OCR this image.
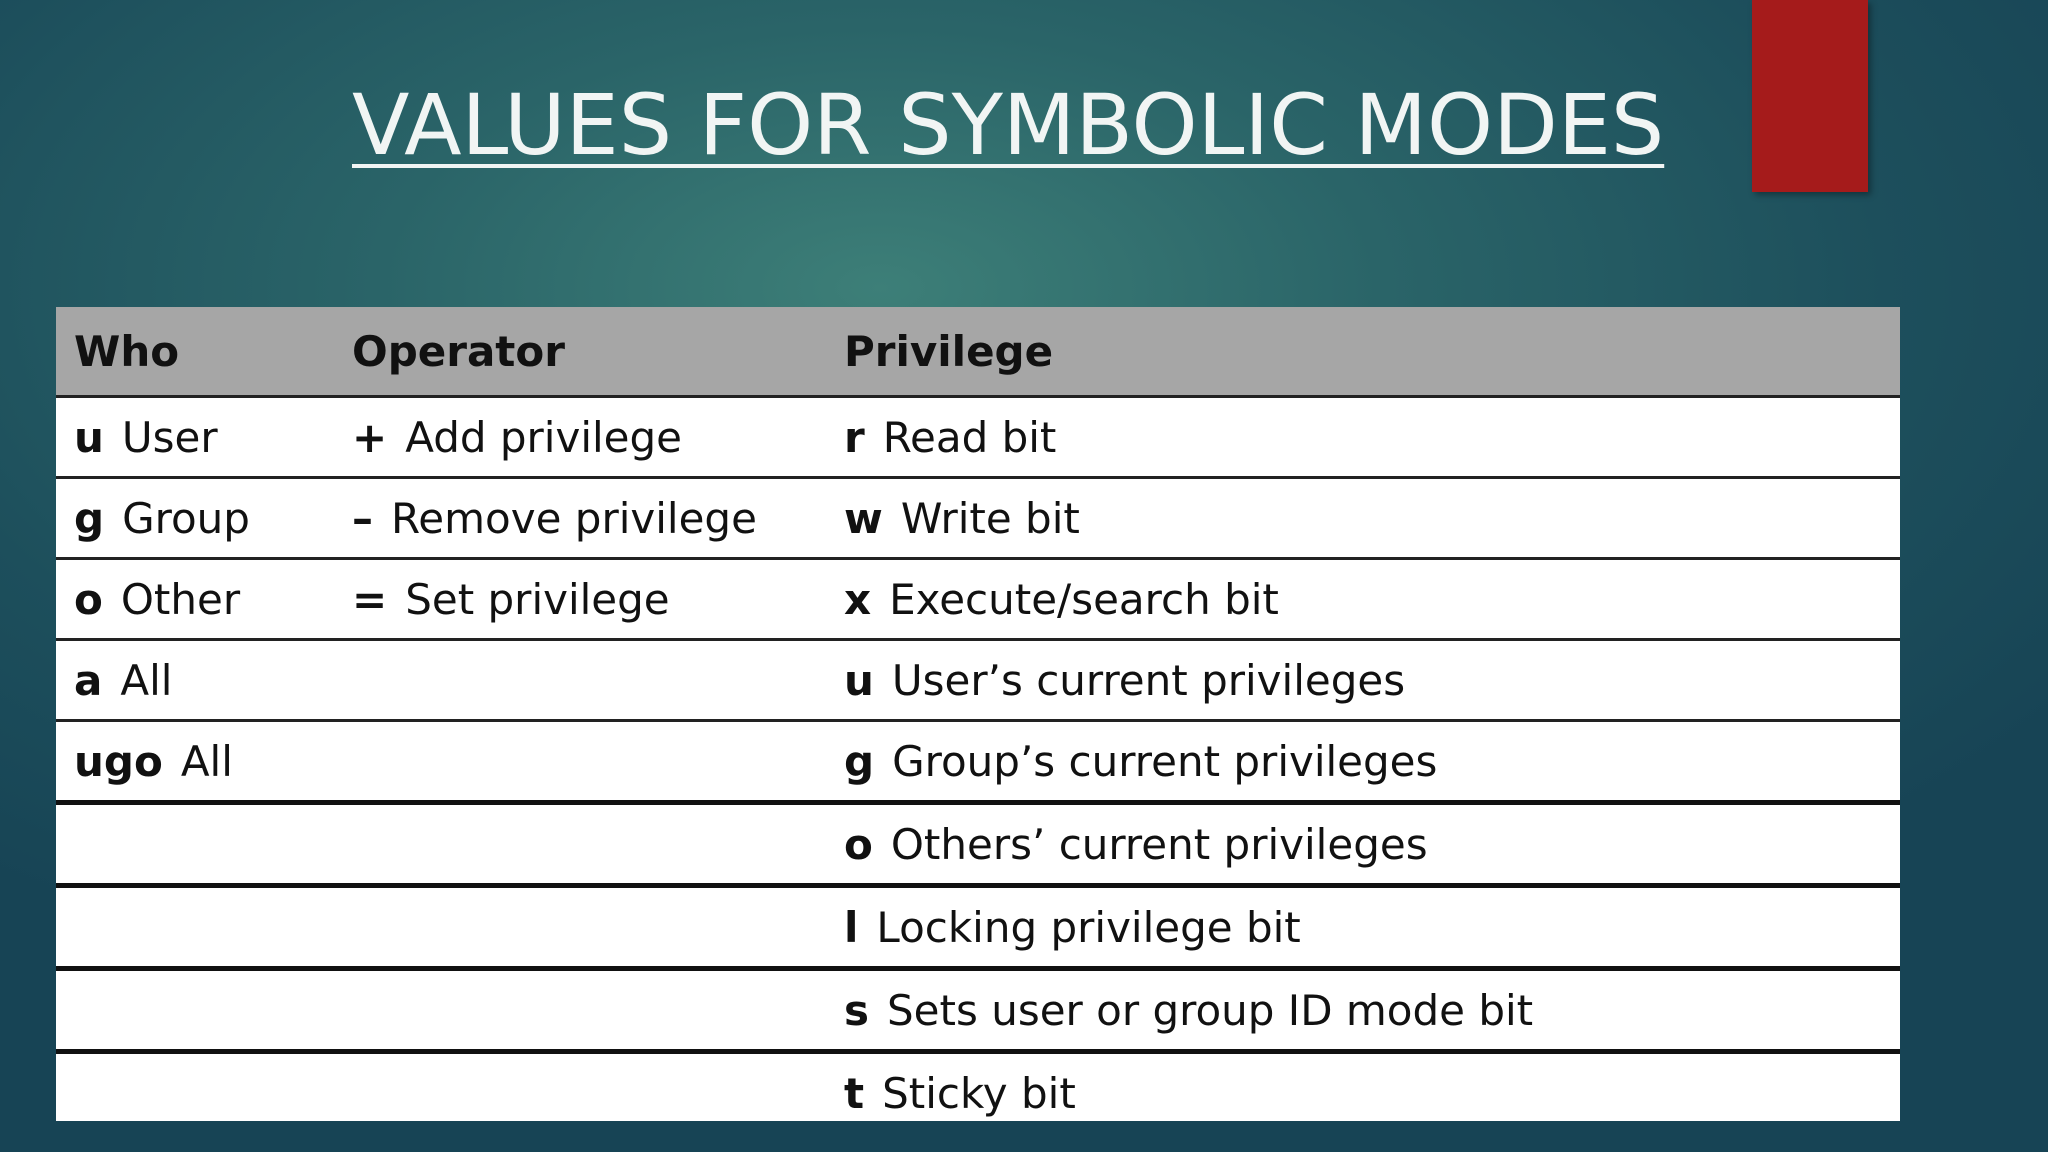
VALUES FOR SYMBOLIC MODES
Who	Operator	Privilege
u User	+ Add privilege	r Read bit
g Group	– Remove privilege	w Write bit
o Other	= Set privilege	x Execute/search bit
a All		u User’s current privileges
ugo All		g Group’s current privileges
		o Others’ current privileges
		l Locking privilege bit
		s Sets user or group ID mode bit
		t Sticky bit
